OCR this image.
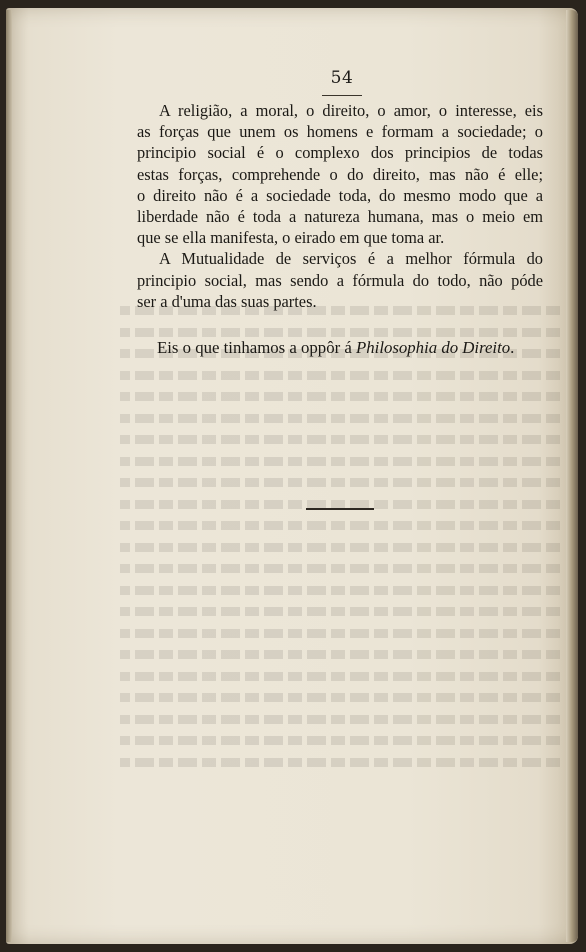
54
A religião, a moral, o direito, o amor, o interesse, eis
as forças que unem os homens e formam a sociedade; o
principio social é o complexo dos principios de todas
estas forças, comprehende o do direito, mas não é elle;
o direito não é a sociedade toda, do mesmo modo que a
liberdade não é toda a natureza humana, mas o meio em
que se ella manifesta, o eirado em que toma ar.
A Mutualidade de serviços é a melhor fórmula do
principio social, mas sendo a fórmula do todo, não póde
ser a d'uma das suas partes.
Eis o que tinhamos a oppôr á Philosophia do Direito.
